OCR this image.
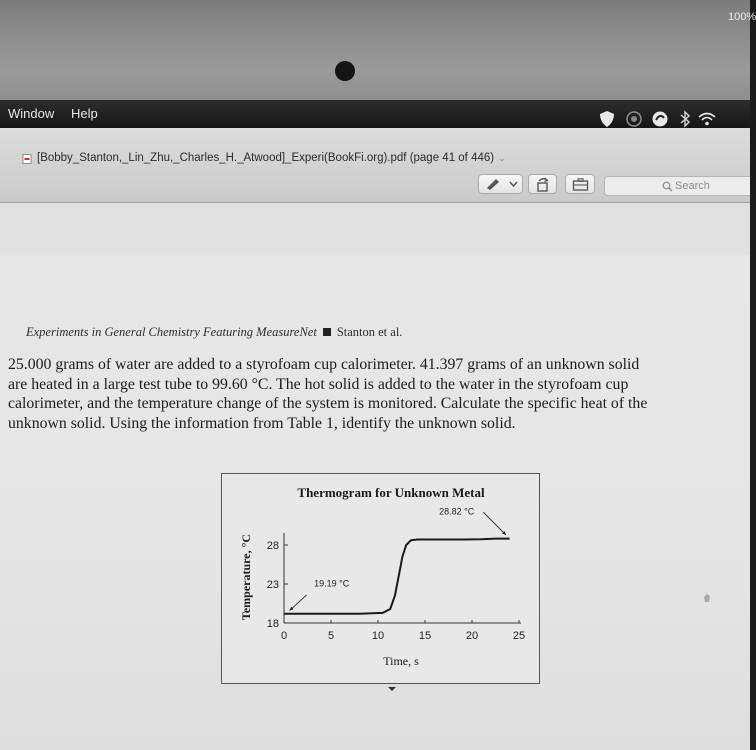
Window Help
100%
[Bobby_Stanton,_Lin_Zhu,_Charles_H._Atwood]_Experi(BookFi.org).pdf (page 41 of 446) ⌄
Search
Experiments in General Chemistry Featuring MeasureNet Stanton et al.
25.000 grams of water are added to a styrofoam cup calorimeter. 41.397 grams of an unknown solid
are heated in a large test tube to 99.60 °C. The hot solid is added to the water in the styrofoam cup
calorimeter, and the temperature change of the system is monitored. Calculate the specific heat of the
unknown solid. Using the information from Table 1, identify the unknown solid.
Thermogram for Unknown Metal
0	5	10	15	20	25
18
23
28
Time, s
Temperature, °C	19.19 °C
28.82 °C
